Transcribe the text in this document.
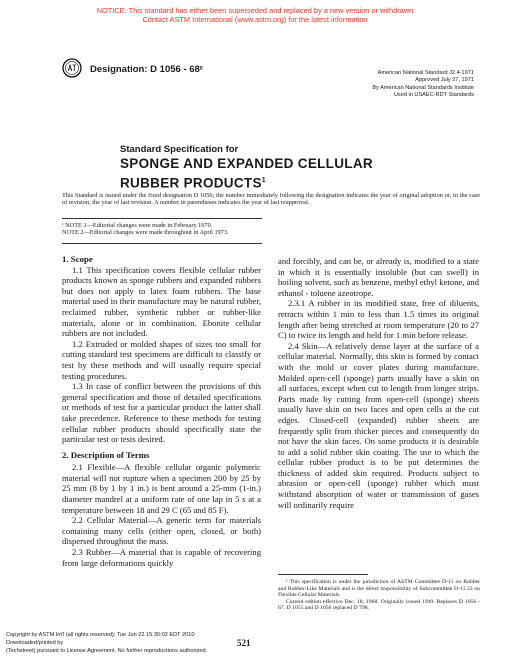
NOTICE: This standard has either been superseded and replaced by a new version or withdrawn
Contact ASTM International (www.astm.org) for the latest information
Designation: D 1056 - 68ᵋ	American National Standard J2.4-1971
Approved July 27, 1971
By American National Standards Institute
Used in USAEC-RDT Standards
Standard Specification for
SPONGE AND EXPANDED CELLULAR
RUBBER PRODUCTS$^1$
This Standard is issued under the fixed designation D 1056; the number immediately following the designation indicates the year of original adoption or, in the case of revision, the year of last revision. A number in parentheses indicates the year of last reapproval.
ᵋ NOTE 1—Editorial changes were made in February 1970.
NOTE 2—Editorial changes were made throughout in April 1973.
1. Scope

1.1 This specification covers flexible cellular rubber products known as sponge rubbers and expanded rubbers but does not apply to latex foam rubbers. The base material used in their manufacture may be natural rubber, reclaimed rubber, synthetic rubber or rubber-like materials, alone or in combination. Ebonite cellular rubbers are not included.

1.2 Extruded or molded shapes of sizes too small for cutting standard test specimens are difficult to classify or test by these methods and will usually require special testing procedures.

1.3 In case of conflict between the provisions of this general specification and those of detailed specifications or methods of test for a particular product the latter shall take precedence. Reference to these methods for testing cellular rubber products should specifically state the particular test or tests desired.

2. Description of Terms

2.1 Flexible—A flexible cellular organic polymeric material will not rupture when a specimen 200 by 25 by 25 mm (8 by 1 by 1 in.) is bent around a 25-mm (1-in.) diameter mandrel at a uniform rate of one lap in 5 s at a temperature between 18 and 29 C (65 and 85 F).

2.2 Cellular Material—A generic term for materials containing many cells (either open, closed, or both) dispersed throughout the mass.

2.3 Rubber—A material that is capable of recovering from large deformations quickly

and forcibly, and can be, or already is, modified to a state in which it is essentially insoluble (but can swell) in boiling solvent, such as benzene, methyl ethyl ketone, and ethanol - toluene azeotrope.

2.3.1 A rubber in its modified state, free of diluents, retracts within 1 min to less than 1.5 times its original length after being stretched at room temperature (20 to 27 C) to twice its length and held for 1 min before release.

2.4 Skin—A relatively dense layer at the surface of a cellular material. Normally, this skin is formed by contact with the mold or cover plates during manufacture. Molded open-cell (sponge) parts usually have a skin on all surfaces, except when cut to length from longer strips. Parts made by cutting from open-cell (sponge) sheets usually have skin on two faces and open cells at the cut edges. Closed-cell (expanded) rubber sheets are frequently split from thicker pieces and consequently do not have the skin faces. On some products it is desirable to add a solid rubber skin coating. The use to which the cellular rubber product is to be put determines the thickness of added skin required. Products subject to abrasion or open-cell (sponge) rubber which must withstand absorption of water or transmission of gases will ordinarily require

¹ This specification is under the jurisdiction of ASTM Committee D-11 on Rubber and Rubber-Like Materials and is the direct responsibility of Subcommittee D-11.33 on Flexible Cellular Materials.

Current edition effective Dec. 18, 1968. Originally issued 1949. Replaces D 1056 - 67. D 1055 and D 1056 replaced D 798.

Copyright by ASTM Int'l (all rights reserved); Tue Jun 22 15:30:02 EDT 2010
Downloaded/printed by
(Techstreet) pursuant to License Agreement. No further reproductions authorized.
521
